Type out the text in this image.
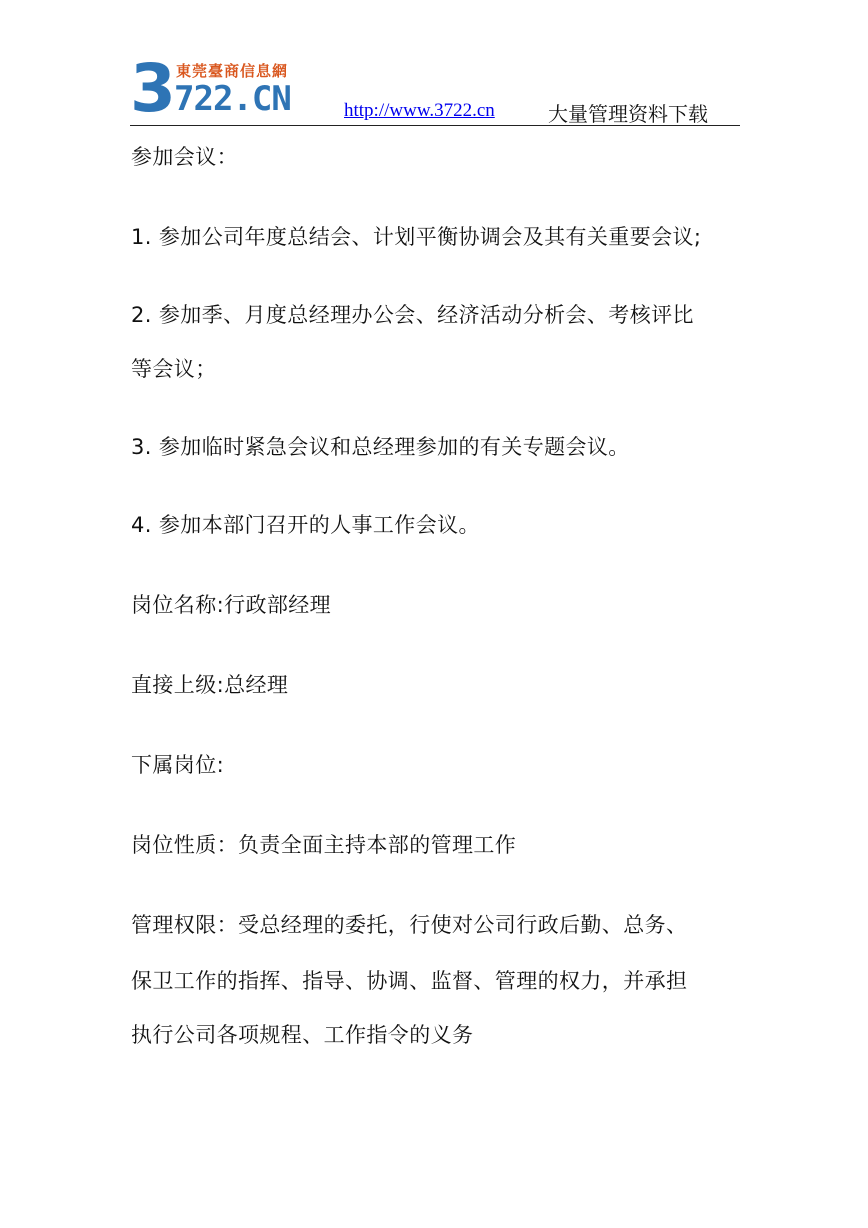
東莞臺商信息網
3
722.CN	http://www.3722.cn	大量管理资料下载
参加会议：
1. 参加公司年度总结会、计划平衡协调会及其有关重要会议;
2. 参加季、月度总经理办公会、经济活动分析会、考核评比
等会议；
3. 参加临时紧急会议和总经理参加的有关专题会议。
4. 参加本部门召开的人事工作会议。
岗位名称:行政部经理
直接上级:总经理
下属岗位:
岗位性质：负责全面主持本部的管理工作
管理权限：受总经理的委托，行使对公司行政后勤、总务、
保卫工作的指挥、指导、协调、监督、管理的权力，并承担
执行公司各项规程、工作指令的义务
